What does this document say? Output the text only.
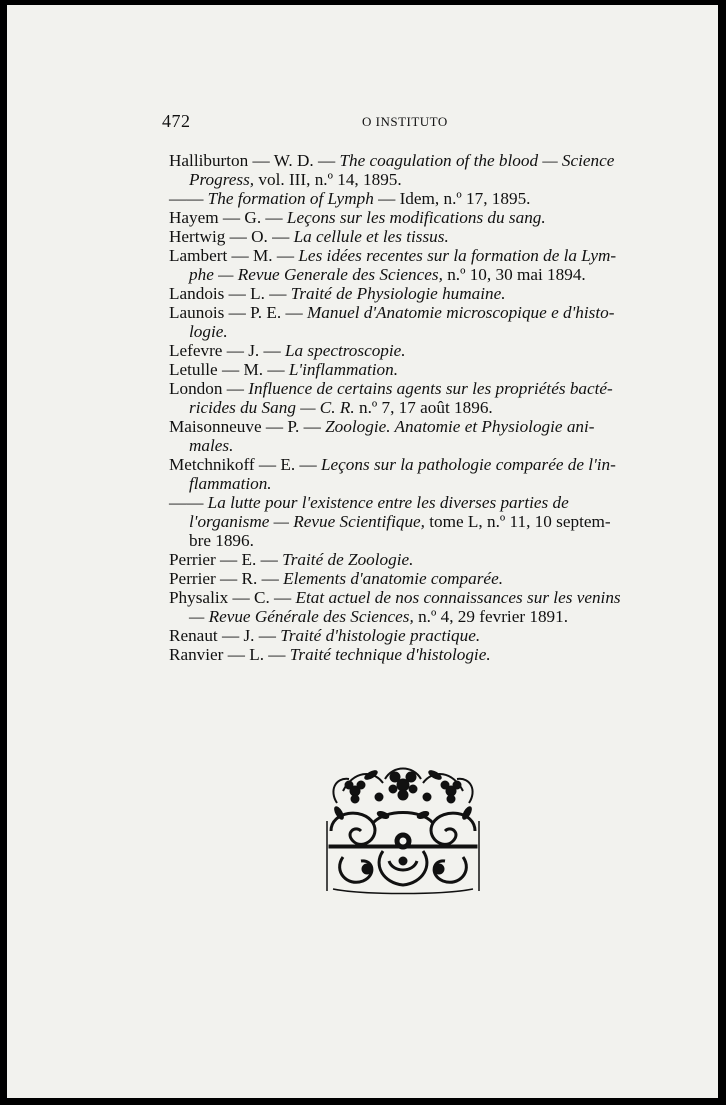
472	O INSTITUTO
Halliburton — W. D. — The coagulation of the blood — Science
Progress, vol. III, n.º 14, 1895.
—— The formation of Lymph — Idem, n.º 17, 1895.
Hayem — G. — Leçons sur les modifications du sang.
Hertwig — O. — La cellule et les tissus.
Lambert — M. — Les idées recentes sur la formation de la Lym-
phe — Revue Generale des Sciences, n.º 10, 30 mai 1894.
Landois — L. — Traité de Physiologie humaine.
Launois — P. E. — Manuel d'Anatomie microscopique e d'histo-
logie.
Lefevre — J. — La spectroscopie.
Letulle — M. — L'inflammation.
London — Influence de certains agents sur les propriétés bacté-
ricides du Sang — C. R. n.º 7, 17 août 1896.
Maisonneuve — P. — Zoologie. Anatomie et Physiologie ani-
males.
Metchnikoff — E. — Leçons sur la pathologie comparée de l'in-
flammation.
—— La lutte pour l'existence entre les diverses parties de
l'organisme — Revue Scientifique, tome L, n.º 11, 10 septem-
bre 1896.
Perrier — E. — Traité de Zoologie.
Perrier — R. — Elements d'anatomie comparée.
Physalix — C. — Etat actuel de nos connaissances sur les venins
— Revue Générale des Sciences, n.º 4, 29 fevrier 1891.
Renaut — J. — Traité d'histologie practique.
Ranvier — L. — Traité technique d'histologie.
